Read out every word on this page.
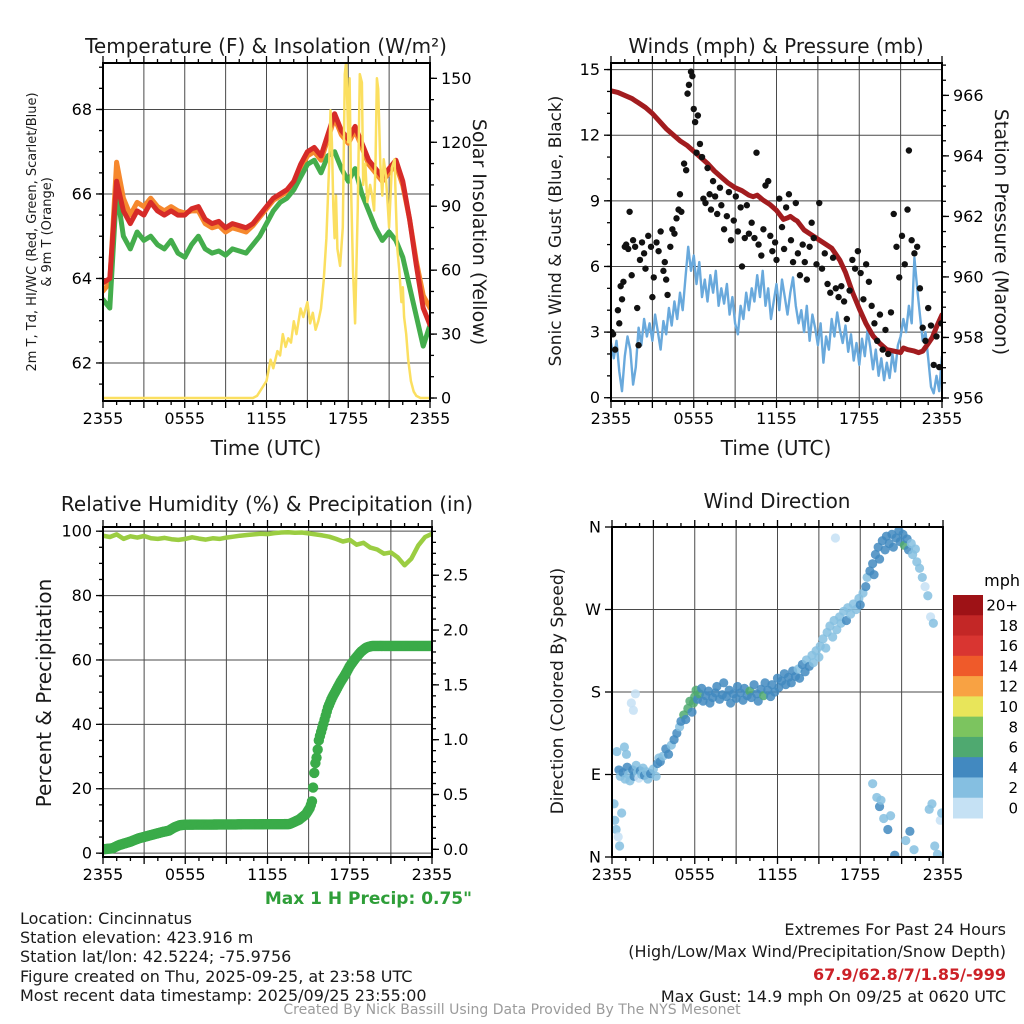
2355	0555	1155	1755	2355
62
64
66
68
0
30
60
90
120
150
2355	0555	1155	1755	2355
0
3
6
9
12
15
956
958
960
962
964
966
2355	0555	1155	1755	2355
0
20
40
60
80
100
0.0
0.5
1.0
1.5
2.0
2.5
2355	0555	1155	1755	2355
N
E
S
W
N
mph
20+
18
16
14
12
10
8
6
4
2
0
Temperature (F) & Insolation (W/m²)	Winds (mph) & Pressure (mb)
Relative Humidity (%) & Precipitation (in)	Wind Direction
Time (UTC)	Time (UTC)
2m T, Td, HI/WC (Red, Green, Scarlet/Blue) & 9m T (Orange)	Solar Insolation (Yellow)	Sonic Wind & Gust (Blue, Black)	Station Pressure (Maroon)
Percent & Precipitation	Direction (Colored By Speed)
Max 1 H Precip: 0.75"
Location: Cincinnatus
Station elevation: 423.916 m
Station lat/lon: 42.5224; -75.9756
Figure created on Thu, 2025-09-25, at 23:58 UTC
Most recent data timestamp: 2025/09/25 23:55:00
Extremes For Past 24 Hours
(High/Low/Max Wind/Precipitation/Snow Depth)
67.9/62.8/7/1.85/-999
Max Gust: 14.9 mph On 09/25 at 0620 UTC
Created By Nick Bassill Using Data Provided By The NYS Mesonet
